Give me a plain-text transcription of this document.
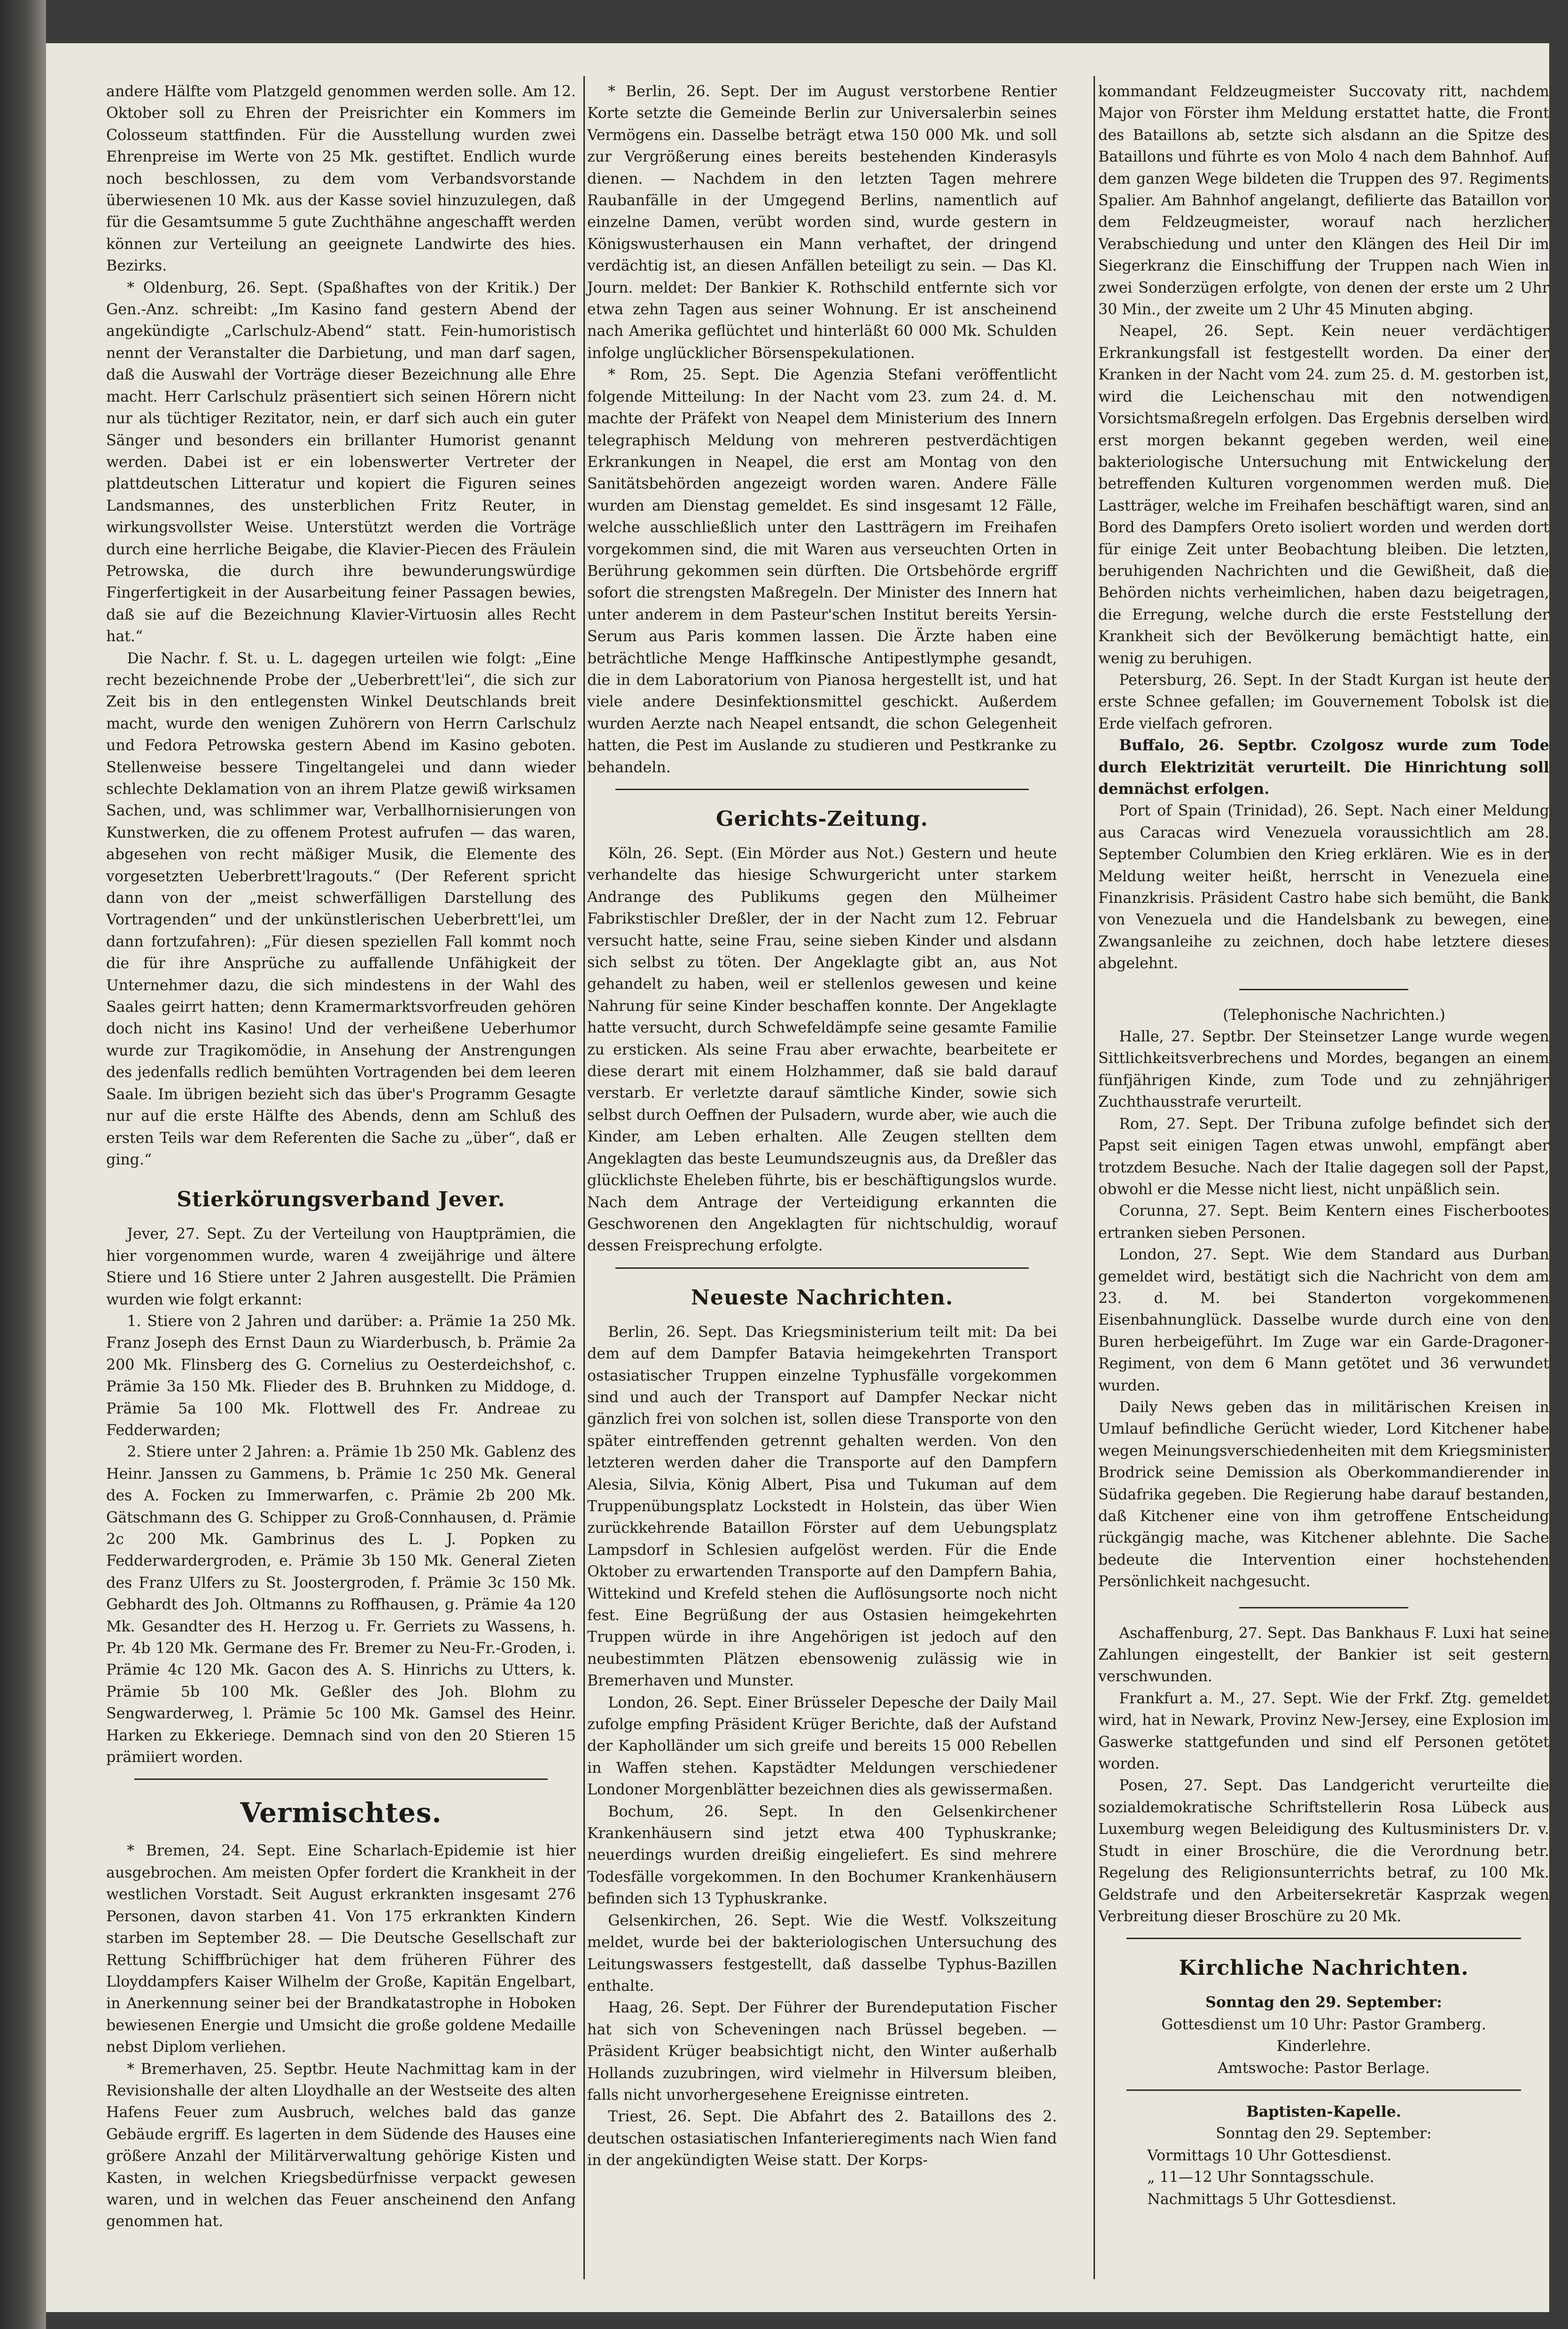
andere Hälfte vom Platzgeld genommen werden solle. Am 12. Oktober soll zu Ehren der Preisrichter ein Kommers im Colosseum stattfinden. Für die Ausstellung wurden zwei Ehrenpreise im Werte von 25 Mk. gestiftet. Endlich wurde noch beschlossen, zu dem vom Verbandsvorstande überwiesenen 10 Mk. aus der Kasse soviel hinzuzulegen, daß für die Gesamtsumme 5 gute Zuchthähne angeschafft werden können zur Verteilung an geeignete Landwirte des hies. Bezirks.

* Oldenburg, 26. Sept. (Spaßhaftes von der Kritik.) Der Gen.-Anz. schreibt: „Im Kasino fand gestern Abend der angekündigte „Carlschulz-Abend“ statt. Fein-humoristisch nennt der Veranstalter die Darbietung, und man darf sagen, daß die Auswahl der Vorträge dieser Bezeichnung alle Ehre macht. Herr Carlschulz präsentiert sich seinen Hörern nicht nur als tüchtiger Rezitator, nein, er darf sich auch ein guter Sänger und besonders ein brillanter Humorist genannt werden. Dabei ist er ein lobenswerter Vertreter der plattdeutschen Litteratur und kopiert die Figuren seines Landsmannes, des unsterblichen Fritz Reuter, in wirkungsvollster Weise. Unterstützt werden die Vorträge durch eine herrliche Beigabe, die Klavier-Piecen des Fräulein Petrowska, die durch ihre bewunderungswürdige Fingerfertigkeit in der Ausarbeitung feiner Passagen bewies, daß sie auf die Bezeichnung Klavier-Virtuosin alles Recht hat.“

Die Nachr. f. St. u. L. dagegen urteilen wie folgt: „Eine recht bezeichnende Probe der „Ueberbrett'lei“, die sich zur Zeit bis in den entlegensten Winkel Deutschlands breit macht, wurde den wenigen Zuhörern von Herrn Carlschulz und Fedora Petrowska gestern Abend im Kasino geboten. Stellenweise bessere Tingeltangelei und dann wieder schlechte Deklamation von an ihrem Platze gewiß wirksamen Sachen, und, was schlimmer war, Verballhornisierungen von Kunstwerken, die zu offenem Protest aufrufen — das waren, abgesehen von recht mäßiger Musik, die Elemente des vorgesetzten Ueberbrett'lragouts.“ (Der Referent spricht dann von der „meist schwerfälligen Darstellung des Vortragenden“ und der unkünstlerischen Ueberbrett'lei, um dann fortzufahren): „Für diesen speziellen Fall kommt noch die für ihre Ansprüche zu auffallende Unfähigkeit der Unternehmer dazu, die sich mindestens in der Wahl des Saales geirrt hatten; denn Kramermarktsvorfreuden gehören doch nicht ins Kasino! Und der verheißene Ueberhumor wurde zur Tragikomödie, in Ansehung der Anstrengungen des jedenfalls redlich bemühten Vortragenden bei dem leeren Saale. Im übrigen bezieht sich das über's Programm Gesagte nur auf die erste Hälfte des Abends, denn am Schluß des ersten Teils war dem Referenten die Sache zu „über“, daß er ging.“

Stierkörungsverband Jever.

Jever, 27. Sept. Zu der Verteilung von Hauptprämien, die hier vorgenommen wurde, waren 4 zweijährige und ältere Stiere und 16 Stiere unter 2 Jahren ausgestellt. Die Prämien wurden wie folgt erkannt:

1. Stiere von 2 Jahren und darüber: a. Prämie 1a 250 Mk. Franz Joseph des Ernst Daun zu Wiarderbusch, b. Prämie 2a 200 Mk. Flinsberg des G. Cornelius zu Oesterdeichshof, c. Prämie 3a 150 Mk. Flieder des B. Bruhnken zu Middoge, d. Prämie 5a 100 Mk. Flottwell des Fr. Andreae zu Fedderwarden;

2. Stiere unter 2 Jahren: a. Prämie 1b 250 Mk. Gablenz des Heinr. Janssen zu Gammens, b. Prämie 1c 250 Mk. General des A. Focken zu Immerwarfen, c. Prämie 2b 200 Mk. Gätschmann des G. Schipper zu Groß-Connhausen, d. Prämie 2c 200 Mk. Gambrinus des L. J. Popken zu Fedderwardergroden, e. Prämie 3b 150 Mk. General Zieten des Franz Ulfers zu St. Joostergroden, f. Prämie 3c 150 Mk. Gebhardt des Joh. Oltmanns zu Roffhausen, g. Prämie 4a 120 Mk. Gesandter des H. Herzog u. Fr. Gerriets zu Wassens, h. Pr. 4b 120 Mk. Germane des Fr. Bremer zu Neu-Fr.-Groden, i. Prämie 4c 120 Mk. Gacon des A. S. Hinrichs zu Utters, k. Prämie 5b 100 Mk. Geßler des Joh. Blohm zu Sengwarderweg, l. Prämie 5c 100 Mk. Gamsel des Heinr. Harken zu Ekkeriege. Demnach sind von den 20 Stieren 15 prämiiert worden.

Vermischtes.

* Bremen, 24. Sept. Eine Scharlach-Epidemie ist hier ausgebrochen. Am meisten Opfer fordert die Krankheit in der westlichen Vorstadt. Seit August erkrankten insgesamt 276 Personen, davon starben 41. Von 175 erkrankten Kindern starben im September 28. — Die Deutsche Gesellschaft zur Rettung Schiffbrüchiger hat dem früheren Führer des Lloyddampfers Kaiser Wilhelm der Große, Kapitän Engelbart, in Anerkennung seiner bei der Brandkatastrophe in Hoboken bewiesenen Energie und Umsicht die große goldene Medaille nebst Diplom verliehen.

* Bremerhaven, 25. Septbr. Heute Nachmittag kam in der Revisionshalle der alten Lloydhalle an der Westseite des alten Hafens Feuer zum Ausbruch, welches bald das ganze Gebäude ergriff. Es lagerten in dem Südende des Hauses eine größere Anzahl der Militärverwaltung gehörige Kisten und Kasten, in welchen Kriegsbedürfnisse verpackt gewesen waren, und in welchen das Feuer anscheinend den Anfang genommen hat.

* Berlin, 26. Sept. Der im August verstorbene Rentier Korte setzte die Gemeinde Berlin zur Universalerbin seines Vermögens ein. Dasselbe beträgt etwa 150 000 Mk. und soll zur Vergrößerung eines bereits bestehenden Kinderasyls dienen. — Nachdem in den letzten Tagen mehrere Raubanfälle in der Umgegend Berlins, namentlich auf einzelne Damen, verübt worden sind, wurde gestern in Königswusterhausen ein Mann verhaftet, der dringend verdächtig ist, an diesen Anfällen beteiligt zu sein. — Das Kl. Journ. meldet: Der Bankier K. Rothschild entfernte sich vor etwa zehn Tagen aus seiner Wohnung. Er ist anscheinend nach Amerika geflüchtet und hinterläßt 60 000 Mk. Schulden infolge unglücklicher Börsenspekulationen.

* Rom, 25. Sept. Die Agenzia Stefani veröffentlicht folgende Mitteilung: In der Nacht vom 23. zum 24. d. M. machte der Präfekt von Neapel dem Ministerium des Innern telegraphisch Meldung von mehreren pestverdächtigen Erkrankungen in Neapel, die erst am Montag von den Sanitätsbehörden angezeigt worden waren. Andere Fälle wurden am Dienstag gemeldet. Es sind insgesamt 12 Fälle, welche ausschließlich unter den Lastträgern im Freihafen vorgekommen sind, die mit Waren aus verseuchten Orten in Berührung gekommen sein dürften. Die Ortsbehörde ergriff sofort die strengsten Maßregeln. Der Minister des Innern hat unter anderem in dem Pasteur'schen Institut bereits Yersin-Serum aus Paris kommen lassen. Die Ärzte haben eine beträchtliche Menge Haffkinsche Antipestlymphe gesandt, die in dem Laboratorium von Pianosa hergestellt ist, und hat viele andere Desinfektionsmittel geschickt. Außerdem wurden Aerzte nach Neapel entsandt, die schon Gelegenheit hatten, die Pest im Auslande zu studieren und Pestkranke zu behandeln.

Gerichts-Zeitung.

Köln, 26. Sept. (Ein Mörder aus Not.) Gestern und heute verhandelte das hiesige Schwurgericht unter starkem Andrange des Publikums gegen den Mülheimer Fabrikstischler Dreßler, der in der Nacht zum 12. Februar versucht hatte, seine Frau, seine sieben Kinder und alsdann sich selbst zu töten. Der Angeklagte gibt an, aus Not gehandelt zu haben, weil er stellenlos gewesen und keine Nahrung für seine Kinder beschaffen konnte. Der Angeklagte hatte versucht, durch Schwefeldämpfe seine gesamte Familie zu ersticken. Als seine Frau aber erwachte, bearbeitete er diese derart mit einem Holzhammer, daß sie bald darauf verstarb. Er verletzte darauf sämtliche Kinder, sowie sich selbst durch Oeffnen der Pulsadern, wurde aber, wie auch die Kinder, am Leben erhalten. Alle Zeugen stellten dem Angeklagten das beste Leumundszeugnis aus, da Dreßler das glücklichste Eheleben führte, bis er beschäftigungslos wurde. Nach dem Antrage der Verteidigung erkannten die Geschworenen den Angeklagten für nichtschuldig, worauf dessen Freisprechung erfolgte.

Neueste Nachrichten.

Berlin, 26. Sept. Das Kriegsministerium teilt mit: Da bei dem auf dem Dampfer Batavia heimgekehrten Transport ostasiatischer Truppen einzelne Typhusfälle vorgekommen sind und auch der Transport auf Dampfer Neckar nicht gänzlich frei von solchen ist, sollen diese Transporte von den später eintreffenden getrennt gehalten werden. Von den letzteren werden daher die Transporte auf den Dampfern Alesia, Silvia, König Albert, Pisa und Tukuman auf dem Truppenübungsplatz Lockstedt in Holstein, das über Wien zurückkehrende Bataillon Förster auf dem Uebungsplatz Lampsdorf in Schlesien aufgelöst werden. Für die Ende Oktober zu erwartenden Transporte auf den Dampfern Bahia, Wittekind und Krefeld stehen die Auflösungsorte noch nicht fest. Eine Begrüßung der aus Ostasien heimgekehrten Truppen würde in ihre Angehörigen ist jedoch auf den neubestimmten Plätzen ebensowenig zulässig wie in Bremerhaven und Munster.

London, 26. Sept. Einer Brüsseler Depesche der Daily Mail zufolge empfing Präsident Krüger Berichte, daß der Aufstand der Kapholländer um sich greife und bereits 15 000 Rebellen in Waffen stehen. Kapstädter Meldungen verschiedener Londoner Morgenblätter bezeichnen dies als gewissermaßen.

Bochum, 26. Sept. In den Gelsenkirchener Krankenhäusern sind jetzt etwa 400 Typhuskranke; neuerdings wurden dreißig eingeliefert. Es sind mehrere Todesfälle vorgekommen. In den Bochumer Krankenhäusern befinden sich 13 Typhuskranke.

Gelsenkirchen, 26. Sept. Wie die Westf. Volkszeitung meldet, wurde bei der bakteriologischen Untersuchung des Leitungswassers festgestellt, daß dasselbe Typhus-Bazillen enthalte.

Haag, 26. Sept. Der Führer der Burendeputation Fischer hat sich von Scheveningen nach Brüssel begeben. — Präsident Krüger beabsichtigt nicht, den Winter außerhalb Hollands zuzubringen, wird vielmehr in Hilversum bleiben, falls nicht unvorhergesehene Ereignisse eintreten.

Triest, 26. Sept. Die Abfahrt des 2. Bataillons des 2. deutschen ostasiatischen Infanterieregiments nach Wien fand in der angekündigten Weise statt. Der Korps-

kommandant Feldzeugmeister Succovaty ritt, nachdem Major von Förster ihm Meldung erstattet hatte, die Front des Bataillons ab, setzte sich alsdann an die Spitze des Bataillons und führte es von Molo 4 nach dem Bahnhof. Auf dem ganzen Wege bildeten die Truppen des 97. Regiments Spalier. Am Bahnhof angelangt, defilierte das Bataillon vor dem Feldzeugmeister, worauf nach herzlicher Verabschiedung und unter den Klängen des Heil Dir im Siegerkranz die Einschiffung der Truppen nach Wien in zwei Sonderzügen erfolgte, von denen der erste um 2 Uhr 30 Min., der zweite um 2 Uhr 45 Minuten abging.

Neapel, 26. Sept. Kein neuer verdächtiger Erkrankungsfall ist festgestellt worden. Da einer der Kranken in der Nacht vom 24. zum 25. d. M. gestorben ist, wird die Leichenschau mit den notwendigen Vorsichtsmaßregeln erfolgen. Das Ergebnis derselben wird erst morgen bekannt gegeben werden, weil eine bakteriologische Untersuchung mit Entwickelung der betreffenden Kulturen vorgenommen werden muß. Die Lastträger, welche im Freihafen beschäftigt waren, sind an Bord des Dampfers Oreto isoliert worden und werden dort für einige Zeit unter Beobachtung bleiben. Die letzten, beruhigenden Nachrichten und die Gewißheit, daß die Behörden nichts verheimlichen, haben dazu beigetragen, die Erregung, welche durch die erste Feststellung der Krankheit sich der Bevölkerung bemächtigt hatte, ein wenig zu beruhigen.

Petersburg, 26. Sept. In der Stadt Kurgan ist heute der erste Schnee gefallen; im Gouvernement Tobolsk ist die Erde vielfach gefroren.

Buffalo, 26. Septbr. Czolgosz wurde zum Tode durch Elektrizität verurteilt. Die Hinrichtung soll demnächst erfolgen.

Port of Spain (Trinidad), 26. Sept. Nach einer Meldung aus Caracas wird Venezuela voraussichtlich am 28. September Columbien den Krieg erklären. Wie es in der Meldung weiter heißt, herrscht in Venezuela eine Finanzkrisis. Präsident Castro habe sich bemüht, die Bank von Venezuela und die Handelsbank zu bewegen, eine Zwangsanleihe zu zeichnen, doch habe letztere dieses abgelehnt.

(Telephonische Nachrichten.)

Halle, 27. Septbr. Der Steinsetzer Lange wurde wegen Sittlichkeitsverbrechens und Mordes, begangen an einem fünfjährigen Kinde, zum Tode und zu zehnjähriger Zuchthausstrafe verurteilt.

Rom, 27. Sept. Der Tribuna zufolge befindet sich der Papst seit einigen Tagen etwas unwohl, empfängt aber trotzdem Besuche. Nach der Italie dagegen soll der Papst, obwohl er die Messe nicht liest, nicht unpäßlich sein.

Corunna, 27. Sept. Beim Kentern eines Fischerbootes ertranken sieben Personen.

London, 27. Sept. Wie dem Standard aus Durban gemeldet wird, bestätigt sich die Nachricht von dem am 23. d. M. bei Standerton vorgekommenen Eisenbahnunglück. Dasselbe wurde durch eine von den Buren herbeigeführt. Im Zuge war ein Garde-Dragoner-Regiment, von dem 6 Mann getötet und 36 verwundet wurden.

Daily News geben das in militärischen Kreisen in Umlauf befindliche Gerücht wieder, Lord Kitchener habe wegen Meinungsverschiedenheiten mit dem Kriegsminister Brodrick seine Demission als Oberkommandierender in Südafrika gegeben. Die Regierung habe darauf bestanden, daß Kitchener eine von ihm getroffene Entscheidung rückgängig mache, was Kitchener ablehnte. Die Sache bedeute die Intervention einer hochstehenden Persönlichkeit nachgesucht.

Aschaffenburg, 27. Sept. Das Bankhaus F. Luxi hat seine Zahlungen eingestellt, der Bankier ist seit gestern verschwunden.

Frankfurt a. M., 27. Sept. Wie der Frkf. Ztg. gemeldet wird, hat in Newark, Provinz New-Jersey, eine Explosion im Gaswerke stattgefunden und sind elf Personen getötet worden.

Posen, 27. Sept. Das Landgericht verurteilte die sozialdemokratische Schriftstellerin Rosa Lübeck aus Luxemburg wegen Beleidigung des Kultusministers Dr. v. Studt in einer Broschüre, die die Verordnung betr. Regelung des Religionsunterrichts betraf, zu 100 Mk. Geldstrafe und den Arbeitersekretär Kasprzak wegen Verbreitung dieser Broschüre zu 20 Mk.

Kirchliche Nachrichten.

Sonntag den 29. September:

Gottesdienst um 10 Uhr: Pastor Gramberg.

Kinderlehre.

Amtswoche: Pastor Berlage.

Baptisten-Kapelle.

Sonntag den 29. September:

Vormittags 10 Uhr Gottesdienst.

„ 11—12 Uhr Sonntagsschule.

Nachmittags 5 Uhr Gottesdienst.
